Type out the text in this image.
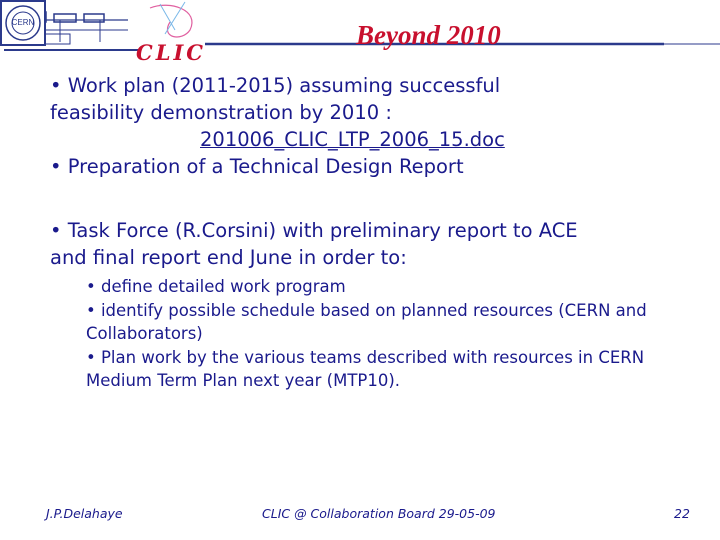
CLIC
Beyond 2010
CERN
• Work plan (2011-2015) assuming successful
feasibility demonstration by 2010 :
201006_CLIC_LTP_2006_15.doc
• Preparation of a Technical Design Report
• Task Force (R.Corsini) with preliminary report to ACE
and final report end June in order to:
• define detailed work program
• identify possible schedule based on planned resources (CERN and
Collaborators)
• Plan work by the various teams described with resources in CERN
Medium Term Plan next year (MTP10).
J.P.Delahaye	CLIC @ Collaboration Board 29-05-09	22
